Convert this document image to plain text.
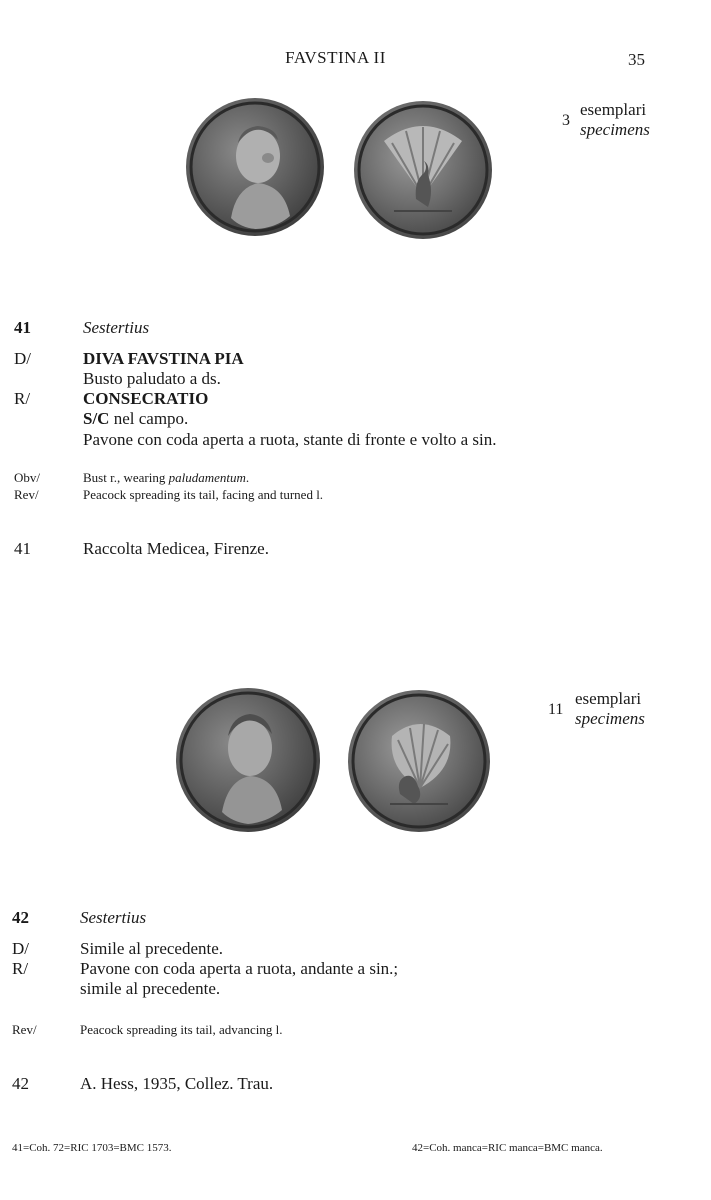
FAVSTINA II	35
3
esemplari
specimens
41	Sestertius
D/	DIVA FAVSTINA PIA
Busto paludato a ds.
R/	CONSECRATIO
S/C nel campo.
Pavone con coda aperta a ruota, stante di fronte e volto a sin.
Obv/	Bust r., wearing paludamentum.
Rev/	Peacock spreading its tail, facing and turned l.
41	Raccolta Medicea, Firenze.
11
esemplari
specimens
42	Sestertius
D/	Simile al precedente.
R/	Pavone con coda aperta a ruota, andante a sin.;
simile al precedente.
Rev/	Peacock spreading its tail, advancing l.
42	A. Hess, 1935, Collez. Trau.
41=Coh. 72=RIC 1703=BMC 1573.	42=Coh. manca=RIC manca=BMC manca.
